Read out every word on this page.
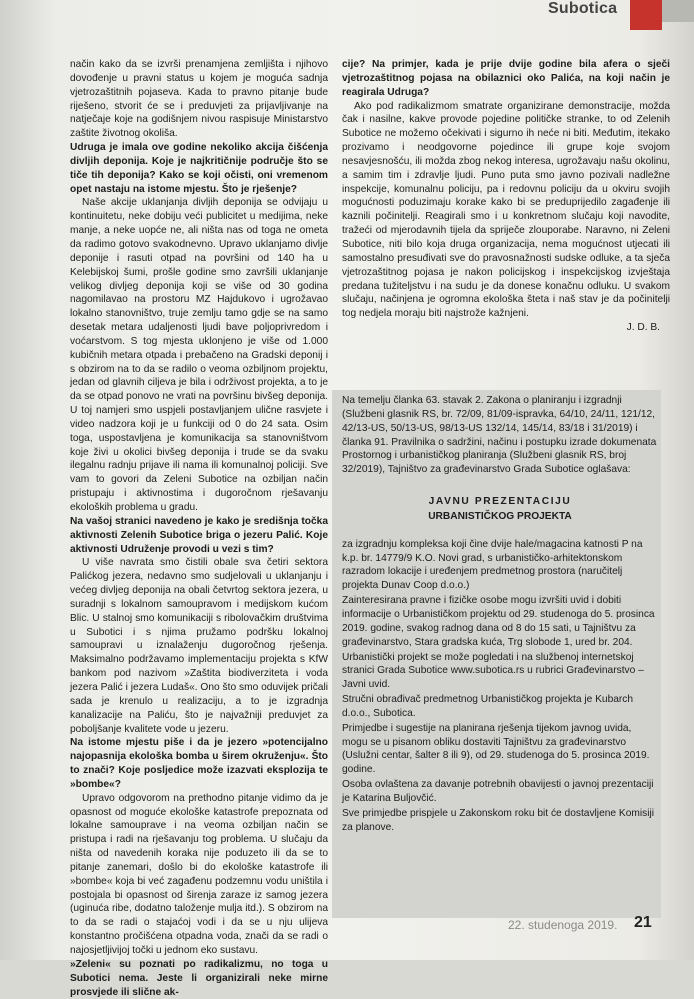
Subotica

način kako da se izvrši prenamjena zemljišta i njihovo dovođenje u pravni status u kojem je moguća sadnja vjetrozaštitnih pojaseva. Kada to pravno pitanje bude riješeno, stvorit će se i preduvjeti za prijavljivanje na natječaje koje na godišnjem nivou raspisuje Ministarstvo zaštite životnog okoliša.

Udruga je imala ove godine nekoliko akcija čišćenja divljih deponija. Koje je najkritičnije područje što se tiče tih deponija? Kako se koji očisti, oni vremenom opet nastaju na istome mjestu. Što je rješenje?

Naše akcije uklanjanja divljih deponija se odvijaju u kontinuitetu, neke dobiju veći publicitet u medijima, neke manje, a neke uopće ne, ali ništa nas od toga ne ometa da radimo gotovo svakodnevno. Upravo uklanjamo divlje deponije i rasuti otpad na površini od 140 ha u Kelebijskoj šumi, prošle godine smo završili uklanjanje velikog divljeg deponija koji se više od 30 godina nagomilavao na prostoru MZ Hajdukovo i ugrožavao lokalno stanovništvo, truje zemlju tamo gdje se na samo desetak metara udaljenosti ljudi bave poljoprivredom i voćarstvom. S tog mjesta uklonjeno je više od 1.000 kubičnih metara otpada i prebačeno na Gradski deponij i s obzirom na to da se radilo o veoma ozbiljnom projektu, jedan od glavnih ciljeva je bila i održivost projekta, a to je da se otpad ponovo ne vrati na površinu bivšeg deponija. U toj namjeri smo uspjeli postavljanjem ulične rasvjete i video nadzora koji je u funkciji od 0 do 24 sata. Osim toga, uspostavljena je komunikacija sa stanovništvom koje živi u okolici bivšeg deponija i trude se da svaku ilegalnu radnju prijave ili nama ili komunalnoj policiji. Sve vam to govori da Zeleni Subotice na ozbiljan način pristupaju i aktivnostima i dugoročnom rješavanju ekoloških problema u gradu.

Na vašoj stranici navedeno je kako je središnja točka aktivnosti Zelenih Subotice briga o jezeru Palić. Koje aktivnosti Udruženje provodi u vezi s tim?

U više navrata smo čistili obale sva četiri sektora Palićkog jezera, nedavno smo sudjelovali u uklanjanju i većeg divljeg deponija na obali četvrtog sektora jezera, u suradnji s lokalnom samoupravom i medijskom kućom Blic. U stalnoj smo komunikaciji s ribolovačkim društvima u Subotici i s njima pružamo podršku lokalnoj samoupravi u iznalaženju dugoročnog rješenja. Maksimalno podržavamo implementaciju projekta s KfW bankom pod nazivom »Zaštita biodiverziteta i voda jezera Palić i jezera Ludaš«. Ono što smo oduvijek pričali sada je krenulo u realizaciju, a to je izgradnja kanalizacije na Paliću, što je najvažniji preduvjet za poboljšanje kvalitete vode u jezeru.

Na istome mjestu piše i da je jezero »potencijalno najopasnija ekološka bomba u širem okruženju«. Što to znači? Koje posljedice može izazvati eksplozija te »bombe«?

Upravo odgovorom na prethodno pitanje vidimo da je opasnost od moguće ekološke katastrofe prepoznata od lokalne samouprave i na veoma ozbiljan način se pristupa i radi na rješavanju tog problema. U slučaju da ništa od navedenih koraka nije poduzeto ili da se to pitanje zanemari, došlo bi do ekološke katastrofe ili »bombe« koja bi već zagađenu podzemnu vodu uništila i postojala bi opasnost od širenja zaraze iz samog jezera (uginuća ribe, dodatno taloženje mulja itd.). S obzirom na to da se radi o stajaćoj vodi i da se u nju uliјeva konstantno pročišćena otpadna voda, znači da se radi o najosjetljivijoj točki u jednom eko sustavu.

»Zeleni« su poznati po radikalizmu, no toga u Subotici nema. Jeste li organizirali neke mirne prosvjede ili slične ak-

cije? Na primjer, kada je prije dvije godine bila afera o sječi vjetrozaštitnog pojasa na obilaznici oko Palića, na koji način je reagirala Udruga?

Ako pod radikalizmom smatrate organizirane demonstracije, možda čak i nasilne, kakve provode pojedine političke stranke, to od Zelenih Subotice ne možemo očekivati i sigurno ih neće ni biti. Međutim, itekako prozivamo i neodgovorne pojedince ili grupe koje svojom nesavjesnošću, ili možda zbog nekog interesa, ugrožavaju našu okolinu, a samim tim i zdravlje ljudi. Puno puta smo javno pozivali nadležne inspekcije, komunalnu policiju, pa i redovnu policiju da u okviru svojih mogućnosti poduzimaju korake kako bi se preduprijedilo zagađenje ili kaznili počinitelji. Reagirali smo i u konkretnom slučaju koji navodite, tražeći od mjerodavnih tijela da spriječe zlouporabe. Naravno, ni Zeleni Subotice, niti bilo koja druga organizacija, nema mogućnost utjecati ili samostalno presuđivati sve do pravosnažnosti sudske odluke, a ta sječa vjetrozaštitnog pojasa je nakon policijskog i inspekcijskog izvještaja predana tužiteljstvu i na sudu je da donese konačnu odluku. U svakom slučaju, načinjena je ogromna ekološka šteta i naš stav je da počinitelji tog nedjela moraju biti najstrože kažnjeni.

J. D. B.

Na temelju članka 63. stavak 2. Zakona o planiranju i izgradnji (Službeni glasnik RS, br. 72/09, 81/09-ispravka, 64/10, 24/11, 121/12, 42/13-US, 50/13-US, 98/13-US 132/14, 145/14, 83/18 i 31/2019) i članka 91. Pravilnika o sadržini, načinu i postupku izrade dokumenata Prostornog i urbanističkog planiranja (Službeni glasnik RS, broj 32/2019), Tajništvo za građevinarstvo Grada Subotice oglašava:

JAVNU PREZENTACIJU

URBANISTIČKOG PROJEKTA

za izgradnju kompleksa koji čine dvije hale/magacina katnosti P na k.p. br. 14779/9 K.O. Novi grad, s urbanističko-arhitektonskom razradom lokacije i uređenjem predmetnog prostora (naručitelj projekta Dunav Coop d.o.o.)

Zainteresirana pravne i fizičke osobe mogu izvršiti uvid i dobiti informacije o Urbanističkom projektu od 29. studenoga do 5. prosinca 2019. godine, svakog radnog dana od 8 do 15 sati, u Tajništvu za građevinarstvo, Stara gradska kuća, Trg slobode 1, ured br. 204.

Urbanistički projekt se može pogledati i na službenoj internetskoj stranici Grada Subotice www.subotica.rs u rubrici Građevinarstvo – Javni uvid.

Stručni obrađivač predmetnog Urbanističkog projekta je Kubarch d.o.o., Subotica.

Primjedbe i sugestije na planirana rješenja tijekom javnog uvida, mogu se u pisanom obliku dostaviti Tajništvu za građevinarstvo (Uslužni centar, šalter 8 ili 9), od 29. studenoga do 5. prosinca 2019. godine.

Osoba ovlaštena za davanje potrebnih obavijesti o javnoj prezentaciji je Katarina Buljovčić.

Sve primjedbe prispjele u Zakonskom roku bit će dostavljene Komisiji za planove.

22. studenoga 2019. 21
